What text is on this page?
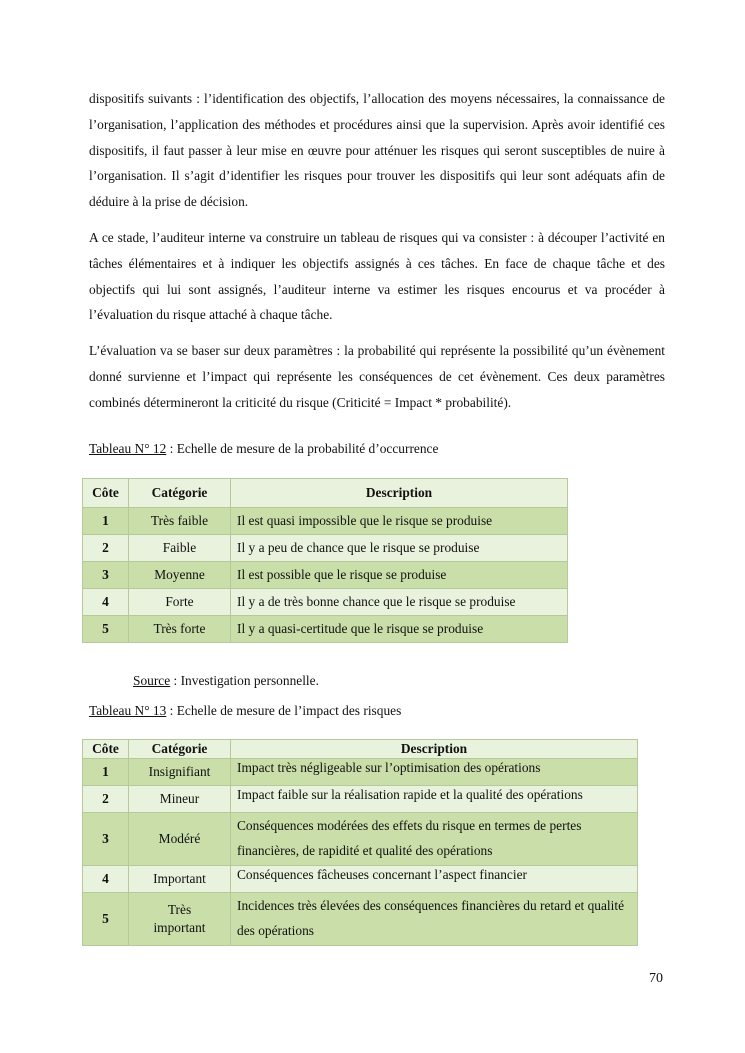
dispositifs suivants : l’identification des objectifs, l’allocation des moyens nécessaires, la connaissance de l’organisation, l’application des méthodes et procédures ainsi que la supervision. Après avoir identifié ces dispositifs, il faut passer à leur mise en œuvre pour atténuer les risques qui seront susceptibles de nuire à l’organisation. Il s’agit d’identifier les risques pour trouver les dispositifs qui leur sont adéquats afin de déduire à la prise de décision.

A ce stade, l’auditeur interne va construire un tableau de risques qui va consister : à découper l’activité en tâches élémentaires et à indiquer les objectifs assignés à ces tâches. En face de chaque tâche et des objectifs qui lui sont assignés, l’auditeur interne va estimer les risques encourus et va procéder à l’évaluation du risque attaché à chaque tâche.

L’évaluation va se baser sur deux paramètres : la probabilité qui représente la possibilité qu’un évènement donné survienne et l’impact qui représente les conséquences de cet évènement. Ces deux paramètres combinés détermineront la criticité du risque (Criticité = Impact * probabilité).

Tableau N° 12 : Echelle de mesure de la probabilité d’occurrence

Côte	Catégorie	Description
1	Très faible	Il est quasi impossible que le risque se produise
2	Faible	Il y a peu de chance que le risque se produise
3	Moyenne	Il est possible que le risque se produise
4	Forte	Il y a de très bonne chance que le risque se produise
5	Très forte	Il y a quasi-certitude que le risque se produise

Source : Investigation personnelle.

Tableau N° 13 : Echelle de mesure de l’impact des risques

Côte	Catégorie	Description
1	Insignifiant	Impact très négligeable sur l’optimisation des opérations
2	Mineur	Impact faible sur la réalisation rapide et la qualité des opérations
3	Modéré	Conséquences modérées des effets du risque en termes de pertes financières, de rapidité et qualité des opérations
4	Important	Conséquences fâcheuses concernant l’aspect financier
5	Très important	Incidences très élevées des conséquences financières du retard et qualité des opérations
70
